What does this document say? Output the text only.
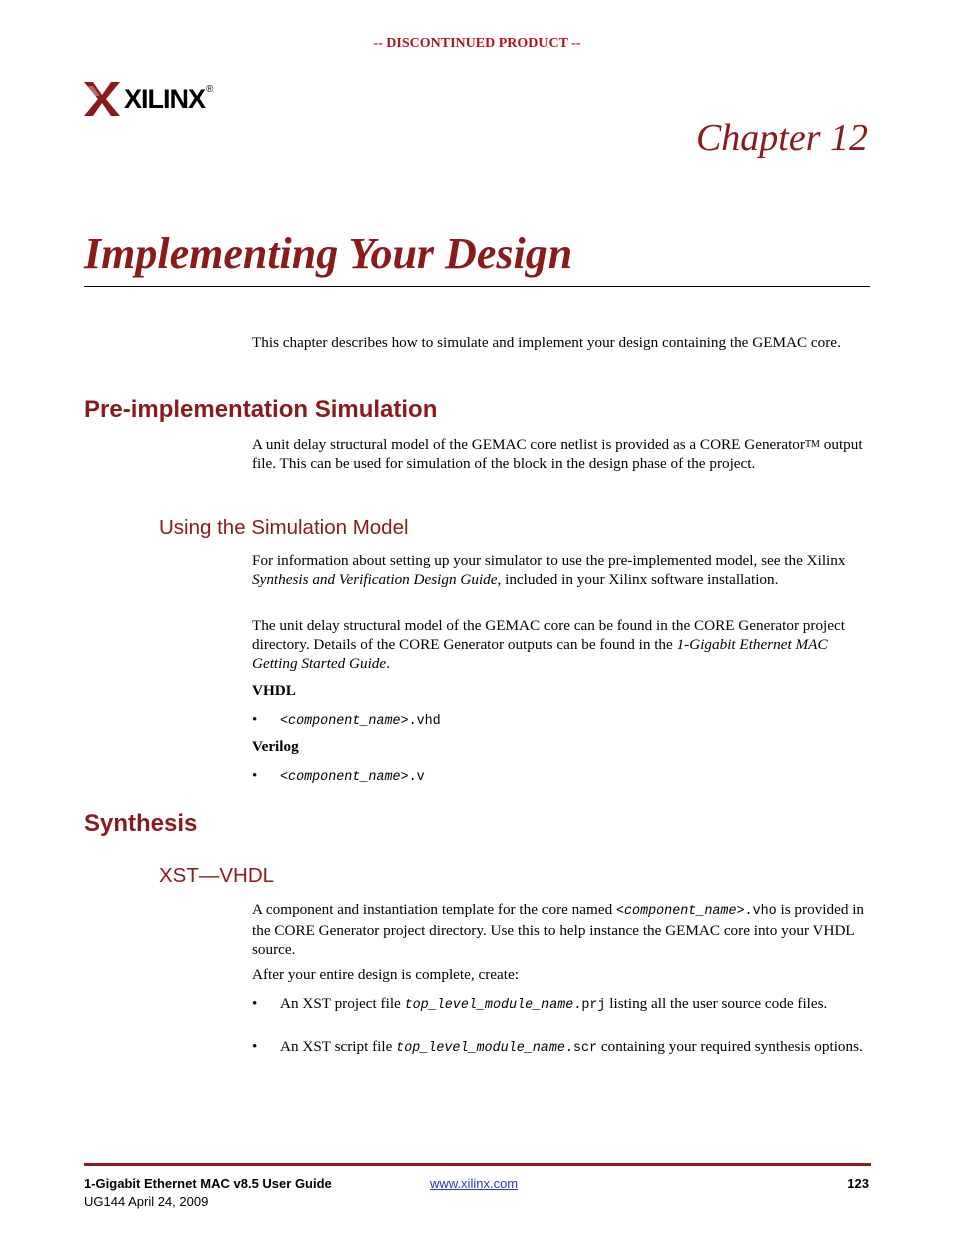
-- DISCONTINUED PRODUCT --
XILINX ®
Chapter 12
Implementing Your Design
This chapter describes how to simulate and implement your design containing the GEMAC core.
Pre-implementation Simulation
A unit delay structural model of the GEMAC core netlist is provided as a CORE Generator™ output file. This can be used for simulation of the block in the design phase of the project.
Using the Simulation Model
For information about setting up your simulator to use the pre-implemented model, see the Xilinx Synthesis and Verification Design Guide, included in your Xilinx software installation.
The unit delay structural model of the GEMAC core can be found in the CORE Generator project directory. Details of the CORE Generator outputs can be found in the 1-Gigabit Ethernet MAC Getting Started Guide.
VHDL
•	<component_name>.vhd
Verilog
•	<component_name>.v
Synthesis
XST—VHDL
A component and instantiation template for the core named <component_name>.vho is provided in the CORE Generator project directory. Use this to help instance the GEMAC core into your VHDL source.
After your entire design is complete, create:
•	An XST project file top_level_module_name.prj listing all the user source code files.
•	An XST script file top_level_module_name.scr containing your required synthesis options.
1-Gigabit Ethernet MAC v8.5 User Guide
UG144 April 24, 2009
www.xilinx.com	123
